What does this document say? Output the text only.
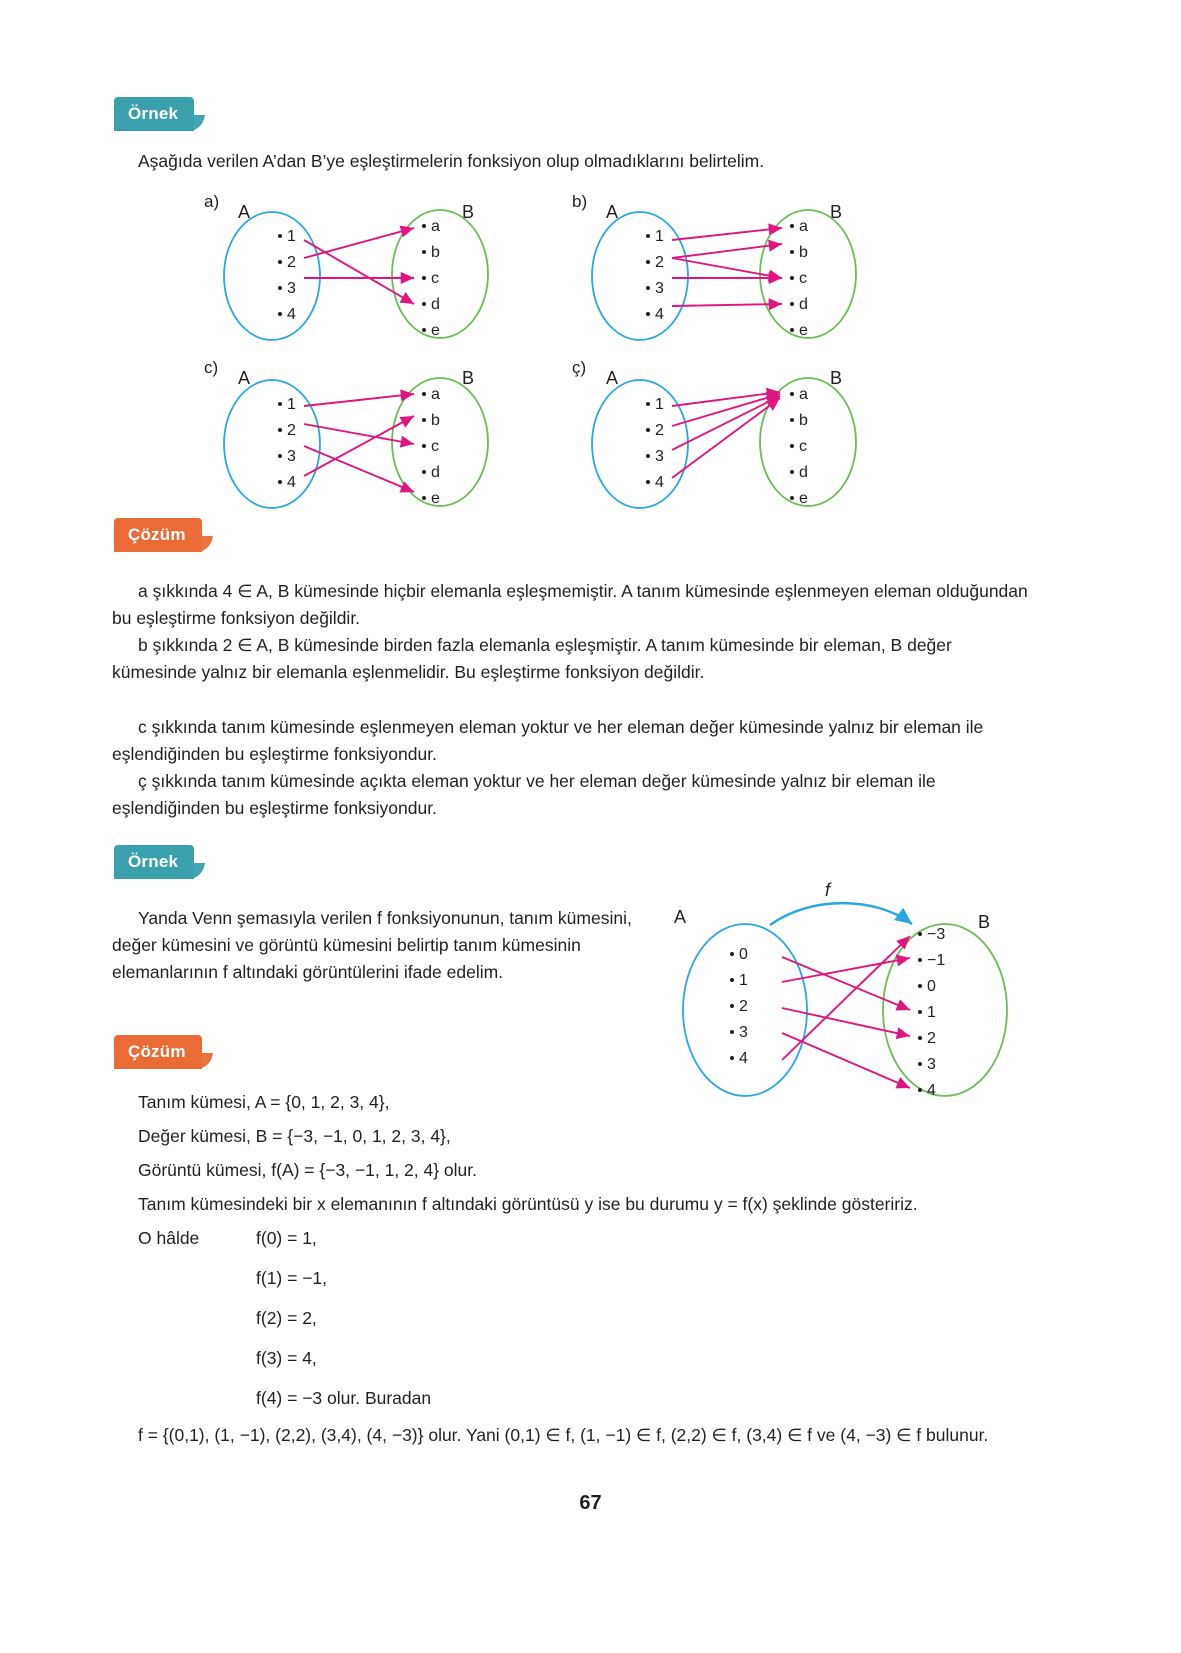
Örnek
Aşağıda verilen A’dan B’ye eşleştirmelerin fonksiyon olup olmadıklarını belirtelim.
a)
A	B
1
2
3
4
a
b
c
d
e
b)
A	B
1
2
3
4
a
b
c
d
e
c)
A	B
1
2
3
4
a
b
c
d
e
ç)
A	B
1
2
3
4
a
b
c
d
e
Çözüm
a şıkkında 4 ∈ A, B kümesinde hiçbir elemanla eşleşmemiştir. A tanım kümesinde eşlenmeyen eleman olduğundan bu eşleştirme fonksiyon değildir.
b şıkkında 2 ∈ A, B kümesinde birden fazla elemanla eşleşmiştir. A tanım kümesinde bir eleman, B değer kümesinde yalnız bir elemanla eşlenmelidir. Bu eşleştirme fonksiyon değildir.
c şıkkında tanım kümesinde eşlenmeyen eleman yoktur ve her eleman değer kümesinde yalnız bir eleman ile eşlendiğinden bu eşleştirme fonksiyondur.
ç şıkkında tanım kümesinde açıkta eleman yoktur ve her eleman değer kümesinde yalnız bir eleman ile eşlendiğinden bu eşleştirme fonksiyondur.
Örnek
Yanda Venn şemasıyla verilen f fonksiyonunun, tanım kümesini, değer kümesini ve görüntü kümesini belirtip tanım kümesinin elemanlarının f altındaki görüntülerini ifade edelim.
f
A	B
0
1
2
3
4
−3
−1
0
1
2
3
4
Çözüm
Tanım kümesi, A = {0, 1, 2, 3, 4},
Değer kümesi, B = {−3, −1, 0, 1, 2, 3, 4},
Görüntü kümesi, f(A) = {−3, −1, 1, 2, 4} olur.
Tanım kümesindeki bir x elemanının f altındaki görüntüsü y ise bu durumu y = f(x) şeklinde gösteririz.
O hâlde	f(0) = 1,
f(1) = −1,
f(2) = 2,
f(3) = 4,
f(4) = −3 olur. Buradan
f = {(0,1), (1, −1), (2,2), (3,4), (4, −3)} olur. Yani (0,1) ∈ f, (1, −1) ∈ f, (2,2) ∈ f, (3,4) ∈ f ve (4, −3) ∈ f bulunur.
67
